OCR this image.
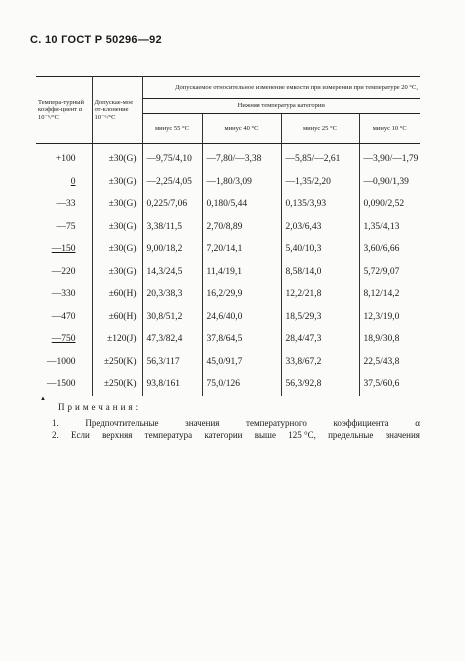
С. 10 ГОСТ Р 50296—92
Темпера-турный коэффи-циент α 10⁻⁶/°С	Допускае-мое от-клонение 10⁻⁶/°С	Допускаемое относительное изменение емкости при измерении при температуре 20 °С,			
		Нижняя температура категории			
		минус 55 °С	минус 40 °С	минус 25 °С	минус 10 °С
+100	±30(G)	—9,75/4,10	—7,80/—3,38	—5,85/—2,61	—3,90/—1,79
0	±30(G)	—2,25/4,05	—1,80/3,09	—1,35/2,20	—0,90/1,39
—33	±30(G)	0,225/7,06	0,180/5,44	0,135/3,93	0,090/2,52
—75	±30(G)	3,38/11,5	2,70/8,89	2,03/6,43	1,35/4,13
—150	±30(G)	9,00/18,2	7,20/14,1	5,40/10,3	3,60/6,66
—220	±30(G)	14,3/24,5	11,4/19,1	8,58/14,0	5,72/9,07
—330	±60(H)	20,3/38,3	16,2/29,9	12,2/21,8	8,12/14,2
—470	±60(H)	30,8/51,2	24,6/40,0	18,5/29,3	12,3/19,0
—750	±120(J)	47,3/82,4	37,8/64,5	28,4/47,3	18,9/30,8
—1000	±250(K)	56,3/117	45,0/91,7	33,8/67,2	22,5/43,8
—1500	±250(K)	93,8/161	75,0/126	56,3/92,8	37,5/60,6
▲
Примечания:
1.	Предпочтительные	значения	температурного	коэффициента	α
2. Если верхняя температура категории выше 125 °С, предельные значения
